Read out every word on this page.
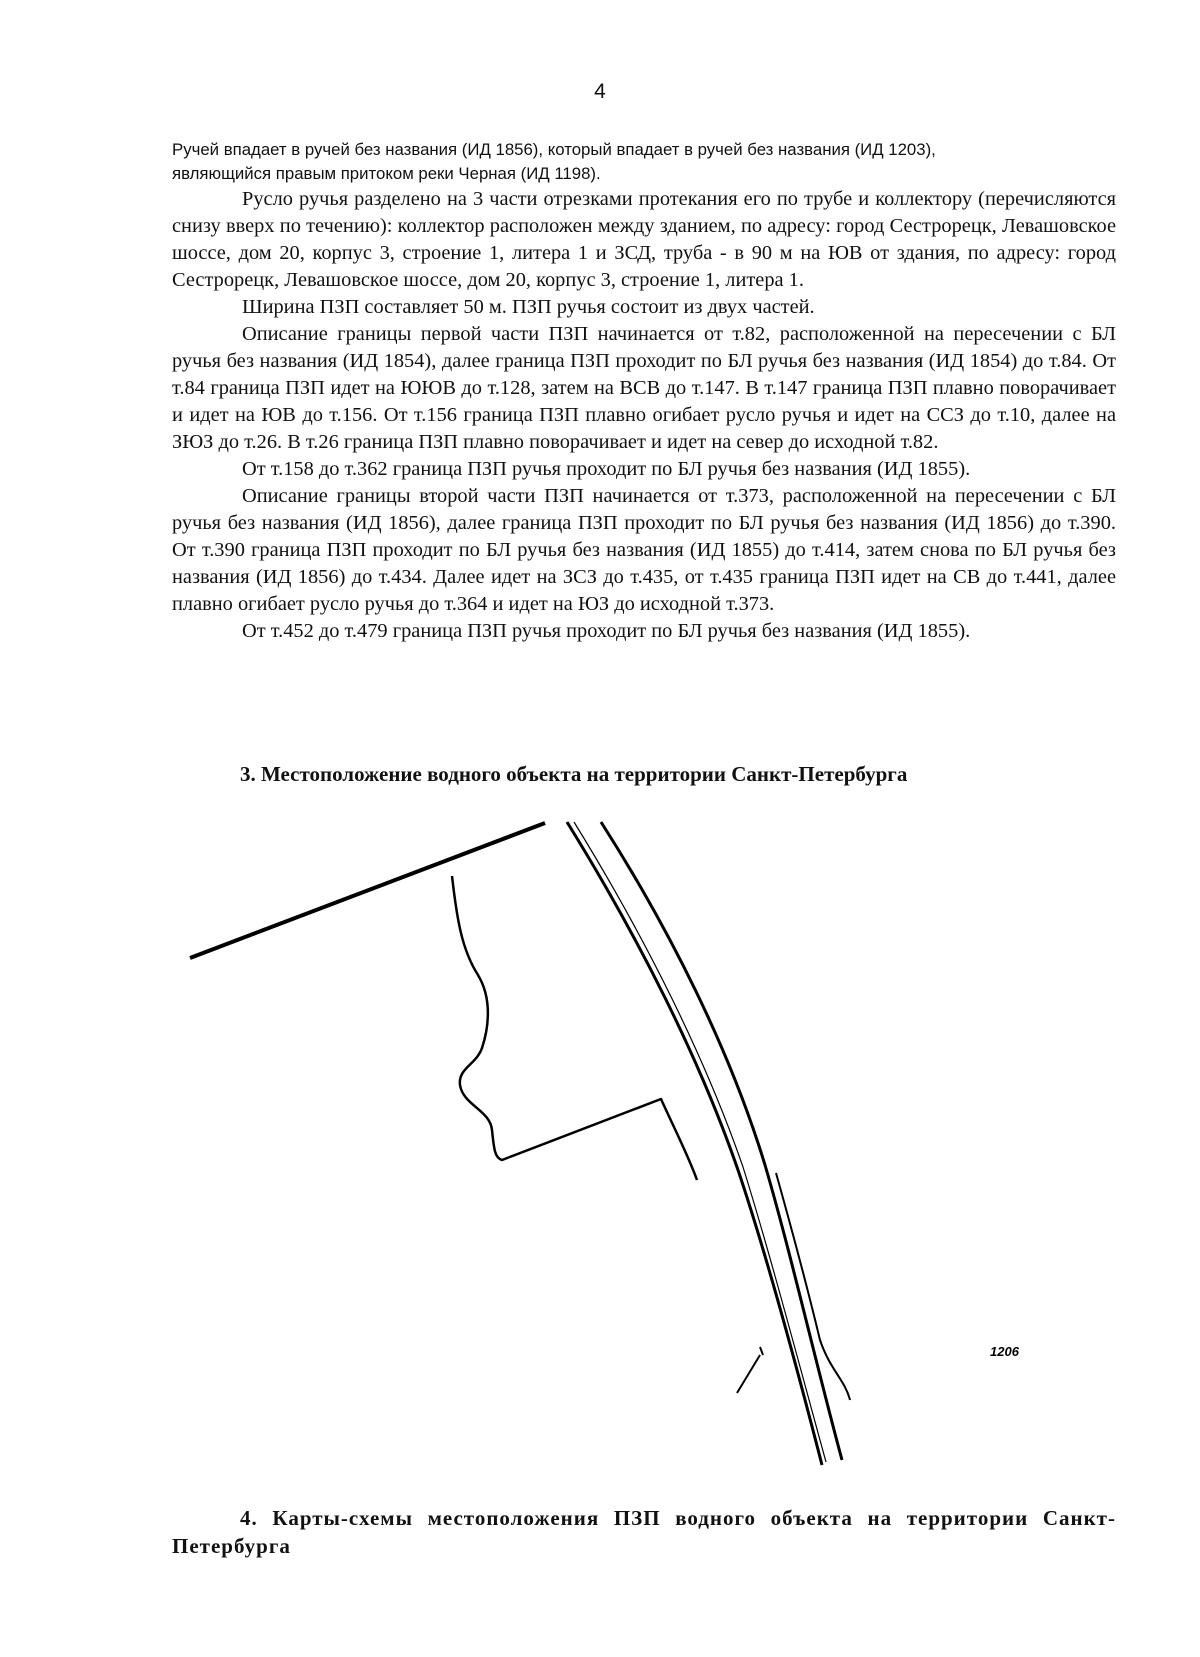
4

Ручей впадает в ручей без названия (ИД 1856), который впадает в ручей без названия (ИД 1203),

являющийся правым притоком реки Черная (ИД 1198).

Русло ручья разделено на 3 части отрезками протекания его по трубе и коллектору (перечисляются снизу вверх по течению): коллектор расположен между зданием, по адресу: город Сестрорецк, Левашовское шоссе, дом 20, корпус 3, строение 1, литера 1 и ЗСД, труба - в 90 м на ЮВ от здания, по адресу: город Сестрорецк, Левашовское шоссе, дом 20, корпус 3, строение 1, литера 1.

Ширина ПЗП составляет 50 м. ПЗП ручья состоит из двух частей.

Описание границы первой части ПЗП начинается от т.82, расположенной на пересечении с БЛ ручья без названия (ИД 1854), далее граница ПЗП проходит по БЛ ручья без названия (ИД 1854) до т.84. От т.84 граница ПЗП идет на ЮЮВ до т.128, затем на ВСВ до т.147. В т.147 граница ПЗП плавно поворачивает и идет на ЮВ до т.156. От т.156 граница ПЗП плавно огибает русло ручья и идет на ССЗ до т.10, далее на ЗЮЗ до т.26. В т.26 граница ПЗП плавно поворачивает и идет на север до исходной т.82.

От т.158 до т.362 граница ПЗП ручья проходит по БЛ ручья без названия (ИД 1855).

Описание границы второй части ПЗП начинается от т.373, расположенной на пересечении с БЛ ручья без названия (ИД 1856), далее граница ПЗП проходит по БЛ ручья без названия (ИД 1856) до т.390. От т.390 граница ПЗП проходит по БЛ ручья без названия (ИД 1855) до т.414, затем снова по БЛ ручья без названия (ИД 1856) до т.434. Далее идет на ЗСЗ до т.435, от т.435 граница ПЗП идет на СВ до т.441, далее плавно огибает русло ручья до т.364 и идет на ЮЗ до исходной т.373.

От т.452 до т.479 граница ПЗП ручья проходит по БЛ ручья без названия (ИД 1855).

3. Местоположение водного объекта на территории Санкт-Петербурга
1206
4. Карты-схемы местоположения ПЗП водного объекта на территории Санкт-Петербурга
